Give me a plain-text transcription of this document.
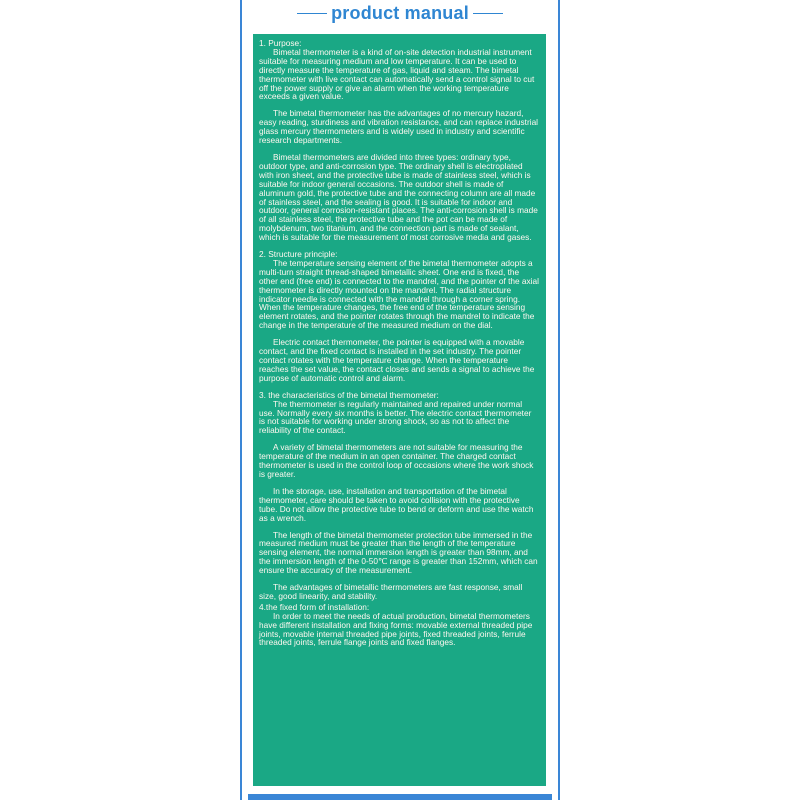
product manual
1. Purpose:

Bimetal thermometer is a kind of on-site detection industrial instrument suitable for measuring medium and low temperature. It can be used to directly measure the temperature of gas, liquid and steam. The bimetal thermometer with live contact can automatically send a control signal to cut off the power supply or give an alarm when the working temperature exceeds a given value.

The bimetal thermometer has the advantages of no mercury hazard, easy reading, sturdiness and vibration resistance, and can replace industrial glass mercury thermometers and is widely used in industry and scientific research departments.

Bimetal thermometers are divided into three types: ordinary type, outdoor type, and anti-corrosion type. The ordinary shell is electroplated with iron sheet, and the protective tube is made of stainless steel, which is suitable for indoor general occasions. The outdoor shell is made of aluminum gold, the protective tube and the connecting column are all made of stainless steel, and the sealing is good. It is suitable for indoor and outdoor, general corrosion-resistant places. The anti-corrosion shell is made of all stainless steel, the protective tube and the pot can be made of molybdenum, two titanium, and the connection part is made of sealant, which is suitable for the measurement of most corrosive media and gases.

2. Structure principle:

The temperature sensing element of the bimetal thermometer adopts a multi-turn straight thread-shaped bimetallic sheet. One end is fixed, the other end (free end) is connected to the mandrel, and the pointer of the axial thermometer is directly mounted on the mandrel. The radial structure indicator needle is connected with the mandrel through a corner spring. When the temperature changes, the free end of the temperature sensing element rotates, and the pointer rotates through the mandrel to indicate the change in the temperature of the measured medium on the dial.

Electric contact thermometer, the pointer is equipped with a movable contact, and the fixed contact is installed in the set industry. The pointer contact rotates with the temperature change. When the temperature reaches the set value, the contact closes and sends a signal to achieve the purpose of automatic control and alarm.

3. the characteristics of the bimetal thermometer:

The thermometer is regularly maintained and repaired under normal use. Normally every six months is better. The electric contact thermometer is not suitable for working under strong shock, so as not to affect the reliability of the contact.

A variety of bimetal thermometers are not suitable for measuring the temperature of the medium in an open container. The charged contact thermometer is used in the control loop of occasions where the work shock is greater.

In the storage, use, installation and transportation of the bimetal thermometer, care should be taken to avoid collision with the protective tube. Do not allow the protective tube to bend or deform and use the watch as a wrench.

The length of the bimetal thermometer protection tube immersed in the measured medium must be greater than the length of the temperature sensing element, the normal immersion length is greater than 98mm, and the immersion length of the 0-50℃ range is greater than 152mm, which can ensure the accuracy of the measurement.

The advantages of bimetallic thermometers are fast response, small size, good linearity, and stability.

4.the fixed form of installation:

In order to meet the needs of actual production, bimetal thermometers have different installation and fixing forms: movable external threaded pipe joints, movable internal threaded pipe joints, fixed threaded joints, ferrule threaded joints, ferrule flange joints and fixed flanges.
